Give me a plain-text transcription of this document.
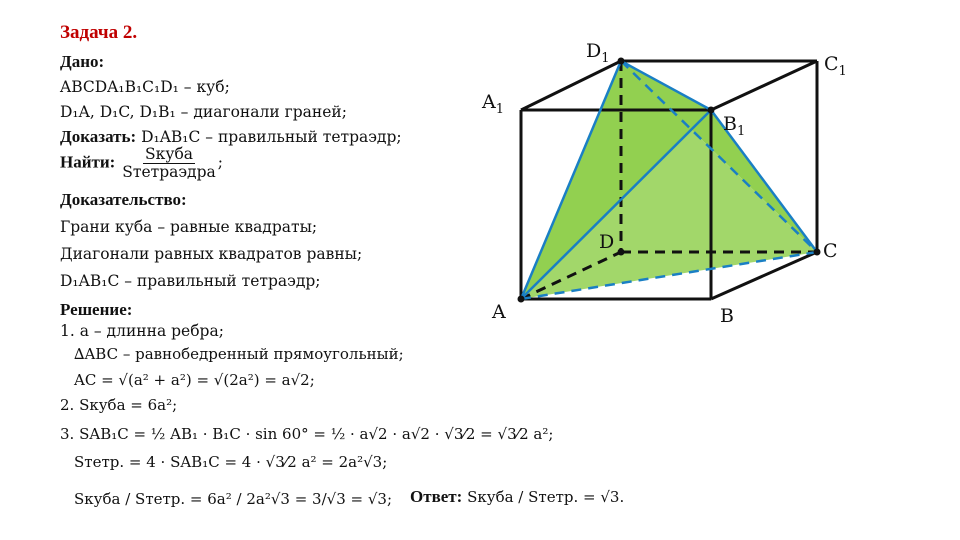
Задача 2.
Дано:
ABCDA₁B₁C₁D₁ – куб;
D₁A, D₁C, D₁B₁ – диагонали граней;
Доказать: D₁AB₁C – правильный тетраэдр;
Найти: $\frac{\text{Sкуба}}{\text{Sтетраэдра}}$ ;
Доказательство:
Грани куба – равные квадраты;
Диагонали равных квадратов равны;
D₁AB₁C – правильный тетраэдр;
Решение:
1. a – длинна ребра;
∆ABC – равнобедренный прямоугольный;
AC = √(a² + a²) = √(2a²) = a√2;
2. Sкуба = 6a²;
3. SAB₁C = ½ AB₁ · B₁C · sin 60° = ½ · a√2 · a√2 · √3⁄2 = √3⁄2 a²;
Sтетр. = 4 · SAB₁C = 4 · √3⁄2 a² = 2a²√3;
Sкуба / Sтетр. = 6a² / 2a²√3 = 3/√3 = √3; Ответ: Sкуба / Sтетр. = √3.
$D_1$	$C_1$
$A_1$
$B_1$
D	C
A	B
